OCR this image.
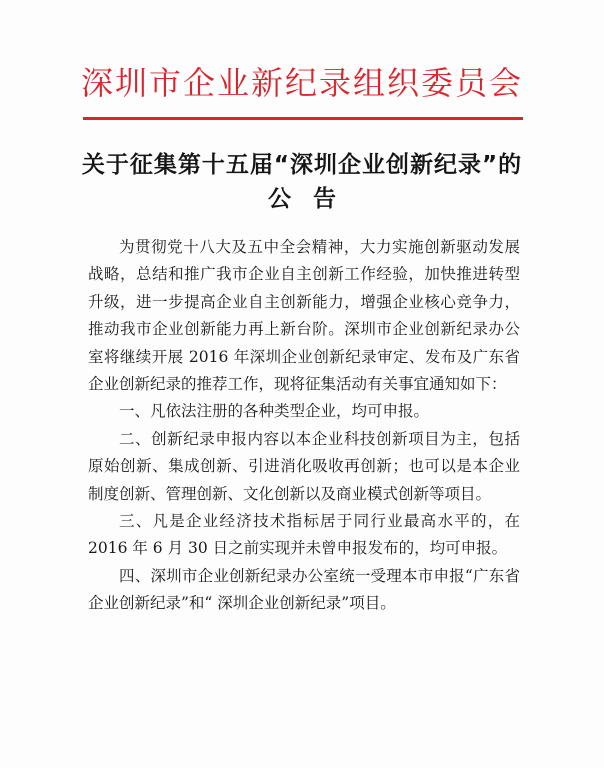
深圳市企业新纪录组织委员会
关于征集第十五届“深圳企业创新纪录”的
公告

为贯彻党十八大及五中全会精神，大力实施创新驱动发展战略，总结和推广我市企业自主创新工作经验，加快推进转型升级，进一步提高企业自主创新能力，增强企业核心竞争力，推动我市企业创新能力再上新台阶。深圳市企业创新纪录办公室将继续开展 2016 年深圳企业创新纪录审定、发布及广东省企业创新纪录的推荐工作，现将征集活动有关事宜通知如下：

一、凡依法注册的各种类型企业，均可申报。

二、创新纪录申报内容以本企业科技创新项目为主，包括原始创新、集成创新、引进消化吸收再创新；也可以是本企业制度创新、管理创新、文化创新以及商业模式创新等项目。

三、凡是企业经济技术指标居于同行业最高水平的，在 2016 年 6 月 30 日之前实现并未曾申报发布的，均可申报。

四、深圳市企业创新纪录办公室统一受理本市申报“广东省企业创新纪录”和“ 深圳企业创新纪录”项目。
